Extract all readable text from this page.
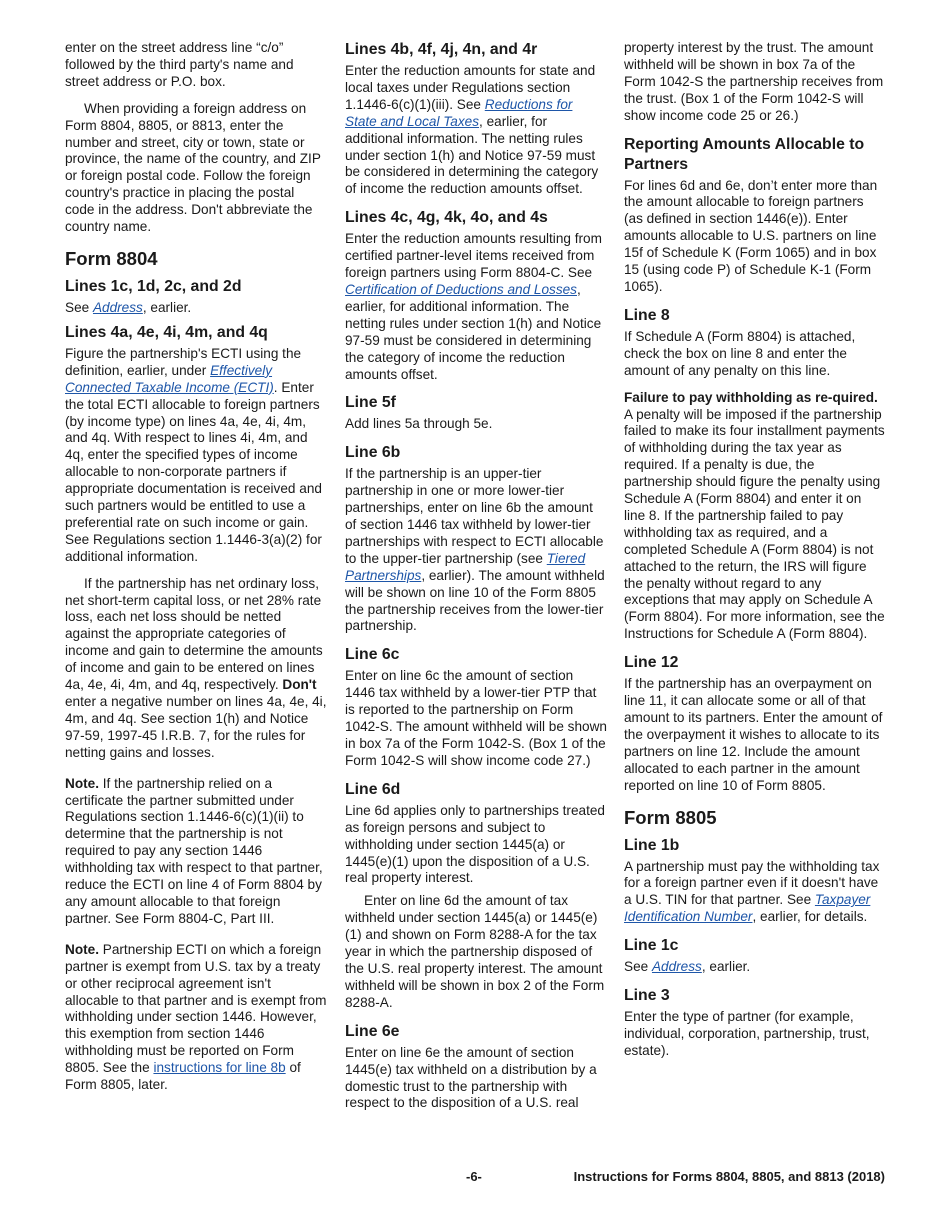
enter on the street address line “c/o” followed by the third party's name and street address or P.O. box.

When providing a foreign address on Form 8804, 8805, or 8813, enter the number and street, city or town, state or province, the name of the country, and ZIP or foreign postal code. Follow the foreign country's practice in placing the postal code in the address. Don't abbreviate the country name.

Form 8804
Lines 1c, 1d, 2c, and 2d

See Address, earlier.

Lines 4a, 4e, 4i, 4m, and 4q

Figure the partnership's ECTI using the definition, earlier, under Effectively Connected Taxable Income (ECTI). Enter the total ECTI allocable to foreign partners (by income type) on lines 4a, 4e, 4i, 4m, and 4q. With respect to lines 4i, 4m, and 4q, enter the specified types of income allocable to non-corporate partners if appropriate documentation is received and such partners would be entitled to use a preferential rate on such income or gain. See Regulations section 1.1446-3(a)(2) for additional information.

If the partnership has net ordinary loss, net short-term capital loss, or net 28% rate loss, each net loss should be netted against the appropriate categories of income and gain to determine the amounts of income and gain to be entered on lines 4a, 4e, 4i, 4m, and 4q, respectively. Don't enter a negative number on lines 4a, 4e, 4i, 4m, and 4q. See section 1(h) and Notice 97-59, 1997-45 I.R.B. 7, for the rules for netting gains and losses.

Note. If the partnership relied on a certificate the partner submitted under Regulations section 1.1446-6(c)(1)(ii) to determine that the partnership is not required to pay any section 1446 withholding tax with respect to that partner, reduce the ECTI on line 4 of Form 8804 by any amount allocable to that foreign partner. See Form 8804-C, Part III.

Note. Partnership ECTI on which a foreign partner is exempt from U.S. tax by a treaty or other reciprocal agreement isn't allocable to that partner and is exempt from withholding under section 1446. However, this exemption from section 1446 withholding must be reported on Form 8805. See the instructions for line 8b of Form 8805, later.

Lines 4b, 4f, 4j, 4n, and 4r

Enter the reduction amounts for state and local taxes under Regulations section 1.1446-6(c)(1)(iii). See Reductions for State and Local Taxes, earlier, for additional information. The netting rules under section 1(h) and Notice 97-59 must be considered in determining the category of income the reduction amounts offset.

Lines 4c, 4g, 4k, 4o, and 4s

Enter the reduction amounts resulting from certified partner-level items received from foreign partners using Form 8804-C. See Certification of Deductions and Losses, earlier, for additional information. The netting rules under section 1(h) and Notice 97-59 must be considered in determining the category of income the reduction amounts offset.

Line 5f

Add lines 5a through 5e.

Line 6b

If the partnership is an upper-tier partnership in one or more lower-tier partnerships, enter on line 6b the amount of section 1446 tax withheld by lower-tier partnerships with respect to ECTI allocable to the upper-tier partnership (see Tiered Partnerships, earlier). The amount withheld will be shown on line 10 of the Form 8805 the partnership receives from the lower-tier partnership.

Line 6c

Enter on line 6c the amount of section 1446 tax withheld by a lower-tier PTP that is reported to the partnership on Form 1042-S. The amount withheld will be shown in box 7a of the Form 1042-S. (Box 1 of the Form 1042-S will show income code 27.)

Line 6d

Line 6d applies only to partnerships treated as foreign persons and subject to withholding under section 1445(a) or 1445(e)(1) upon the disposition of a U.S. real property interest.

Enter on line 6d the amount of tax withheld under section 1445(a) or 1445(e)(1) and shown on Form 8288-A for the tax year in which the partnership disposed of the U.S. real property interest. The amount withheld will be shown in box 2 of the Form 8288-A.

Line 6e

Enter on line 6e the amount of section 1445(e) tax withheld on a distribution by a domestic trust to the partnership with respect to the disposition of a U.S. real

property interest by the trust. The amount withheld will be shown in box 7a of the Form 1042-S the partnership receives from the trust. (Box 1 of the Form 1042-S will show income code 25 or 26.)

Reporting Amounts Allocable to Partners

For lines 6d and 6e, don’t enter more than the amount allocable to foreign partners (as defined in section 1446(e)). Enter amounts allocable to U.S. partners on line 15f of Schedule K (Form 1065) and in box 15 (using code P) of Schedule K-1 (Form 1065).

Line 8

If Schedule A (Form 8804) is attached, check the box on line 8 and enter the amount of any penalty on this line.

Failure to pay withholding as re-quired. A penalty will be imposed if the partnership failed to make its four installment payments of withholding during the tax year as required. If a penalty is due, the partnership should figure the penalty using Schedule A (Form 8804) and enter it on line 8. If the partnership failed to pay withholding tax as required, and a completed Schedule A (Form 8804) is not attached to the return, the IRS will figure the penalty without regard to any exceptions that may apply on Schedule A (Form 8804). For more information, see the Instructions for Schedule A (Form 8804).

Line 12

If the partnership has an overpayment on line 11, it can allocate some or all of that amount to its partners. Enter the amount of the overpayment it wishes to allocate to its partners on line 12. Include the amount allocated to each partner in the amount reported on line 10 of Form 8805.

Form 8805
Line 1b

A partnership must pay the withholding tax for a foreign partner even if it doesn't have a U.S. TIN for that partner. See Taxpayer Identification Number, earlier, for details.

Line 1c

See Address, earlier.

Line 3

Enter the type of partner (for example, individual, corporation, partnership, trust, estate).

-6-	Instructions for Forms 8804, 8805, and 8813 (2018)
